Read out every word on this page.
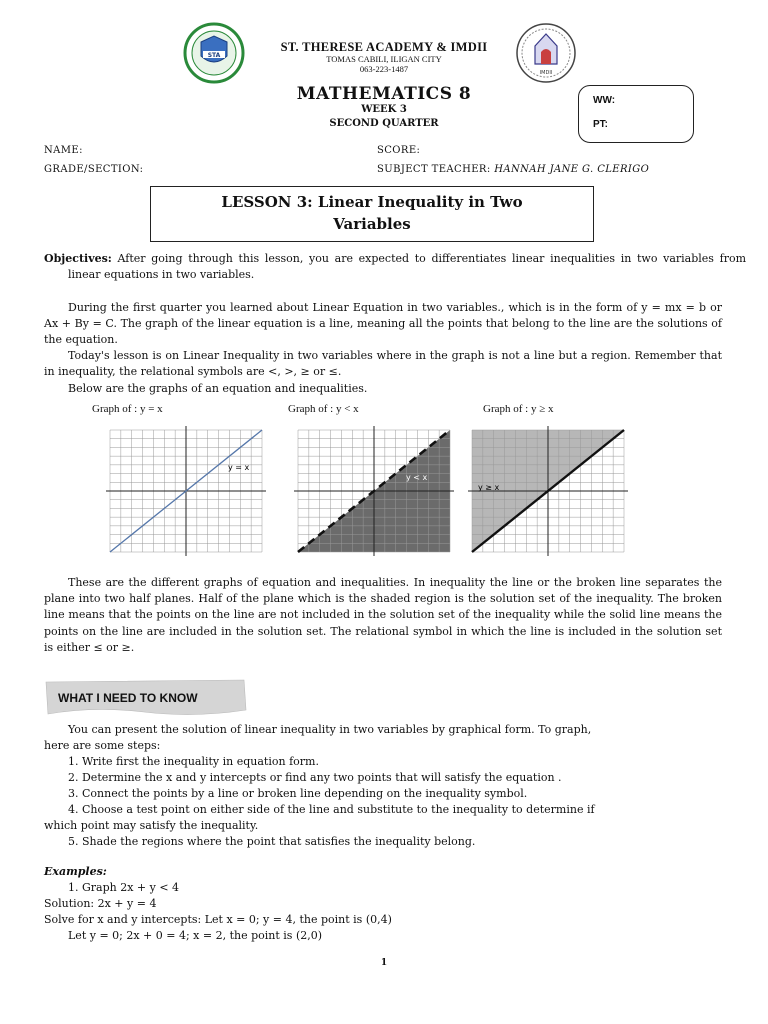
STA
IMDII
ST. THERESE ACADEMY & IMDII
TOMAS CABILI, ILIGAN CITY
063-223-1487
MATHEMATICS 8
WEEK 3
SECOND QUARTER
WW:
PT:
NAME:	SCORE:
GRADE/SECTION:	SUBJECT TEACHER: HANNAH JANE G. CLERIGO
LESSON 3: Linear Inequality in Two
Variables
Objectives: After going through this lesson, you are expected to differentiates linear inequalities in two variables from linear equations in two variables.
During the first quarter you learned about Linear Equation in two variables., which is in the form of y = mx = b or Ax + By = C. The graph of the linear equation is a line, meaning all the points that belong to the line are the solutions of the equation.
Today's lesson is on Linear Inequality in two variables where in the graph is not a line but a region. Remember that in inequality, the relational symbols are <, >, ≥ or ≤.
Below are the graphs of an equation and inequalities.
Graph of : y = x	Graph of : y < x	Graph of : y ≥ x
y = x
y < x
y ≥ x
These are the different graphs of equation and inequalities. In inequality the line or the broken line separates the plane into two half planes. Half of the plane which is the shaded region is the solution set of the inequality. The broken line means that the points on the line are not included in the solution set of the inequality while the solid line means the points on the line are included in the solution set. The relational symbol in which the line is included in the solution set is either ≤ or ≥.
WHAT I NEED TO KNOW
You can present the solution of linear inequality in two variables by graphical form. To graph,
here are some steps:
1. Write first the inequality in equation form.
2. Determine the x and y intercepts or find any two points that will satisfy the equation .
3. Connect the points by a line or broken line depending on the inequality symbol.
4. Choose a test point on either side of the line and substitute to the inequality to determine if
which point may satisfy the inequality.
5. Shade the regions where the point that satisfies the inequality belong.
Examples:
1. Graph 2x + y < 4
Solution: 2x + y = 4
Solve for x and y intercepts: Let x = 0; y = 4, the point is (0,4)
Let y = 0; 2x + 0 = 4; x = 2, the point is (2,0)
1
